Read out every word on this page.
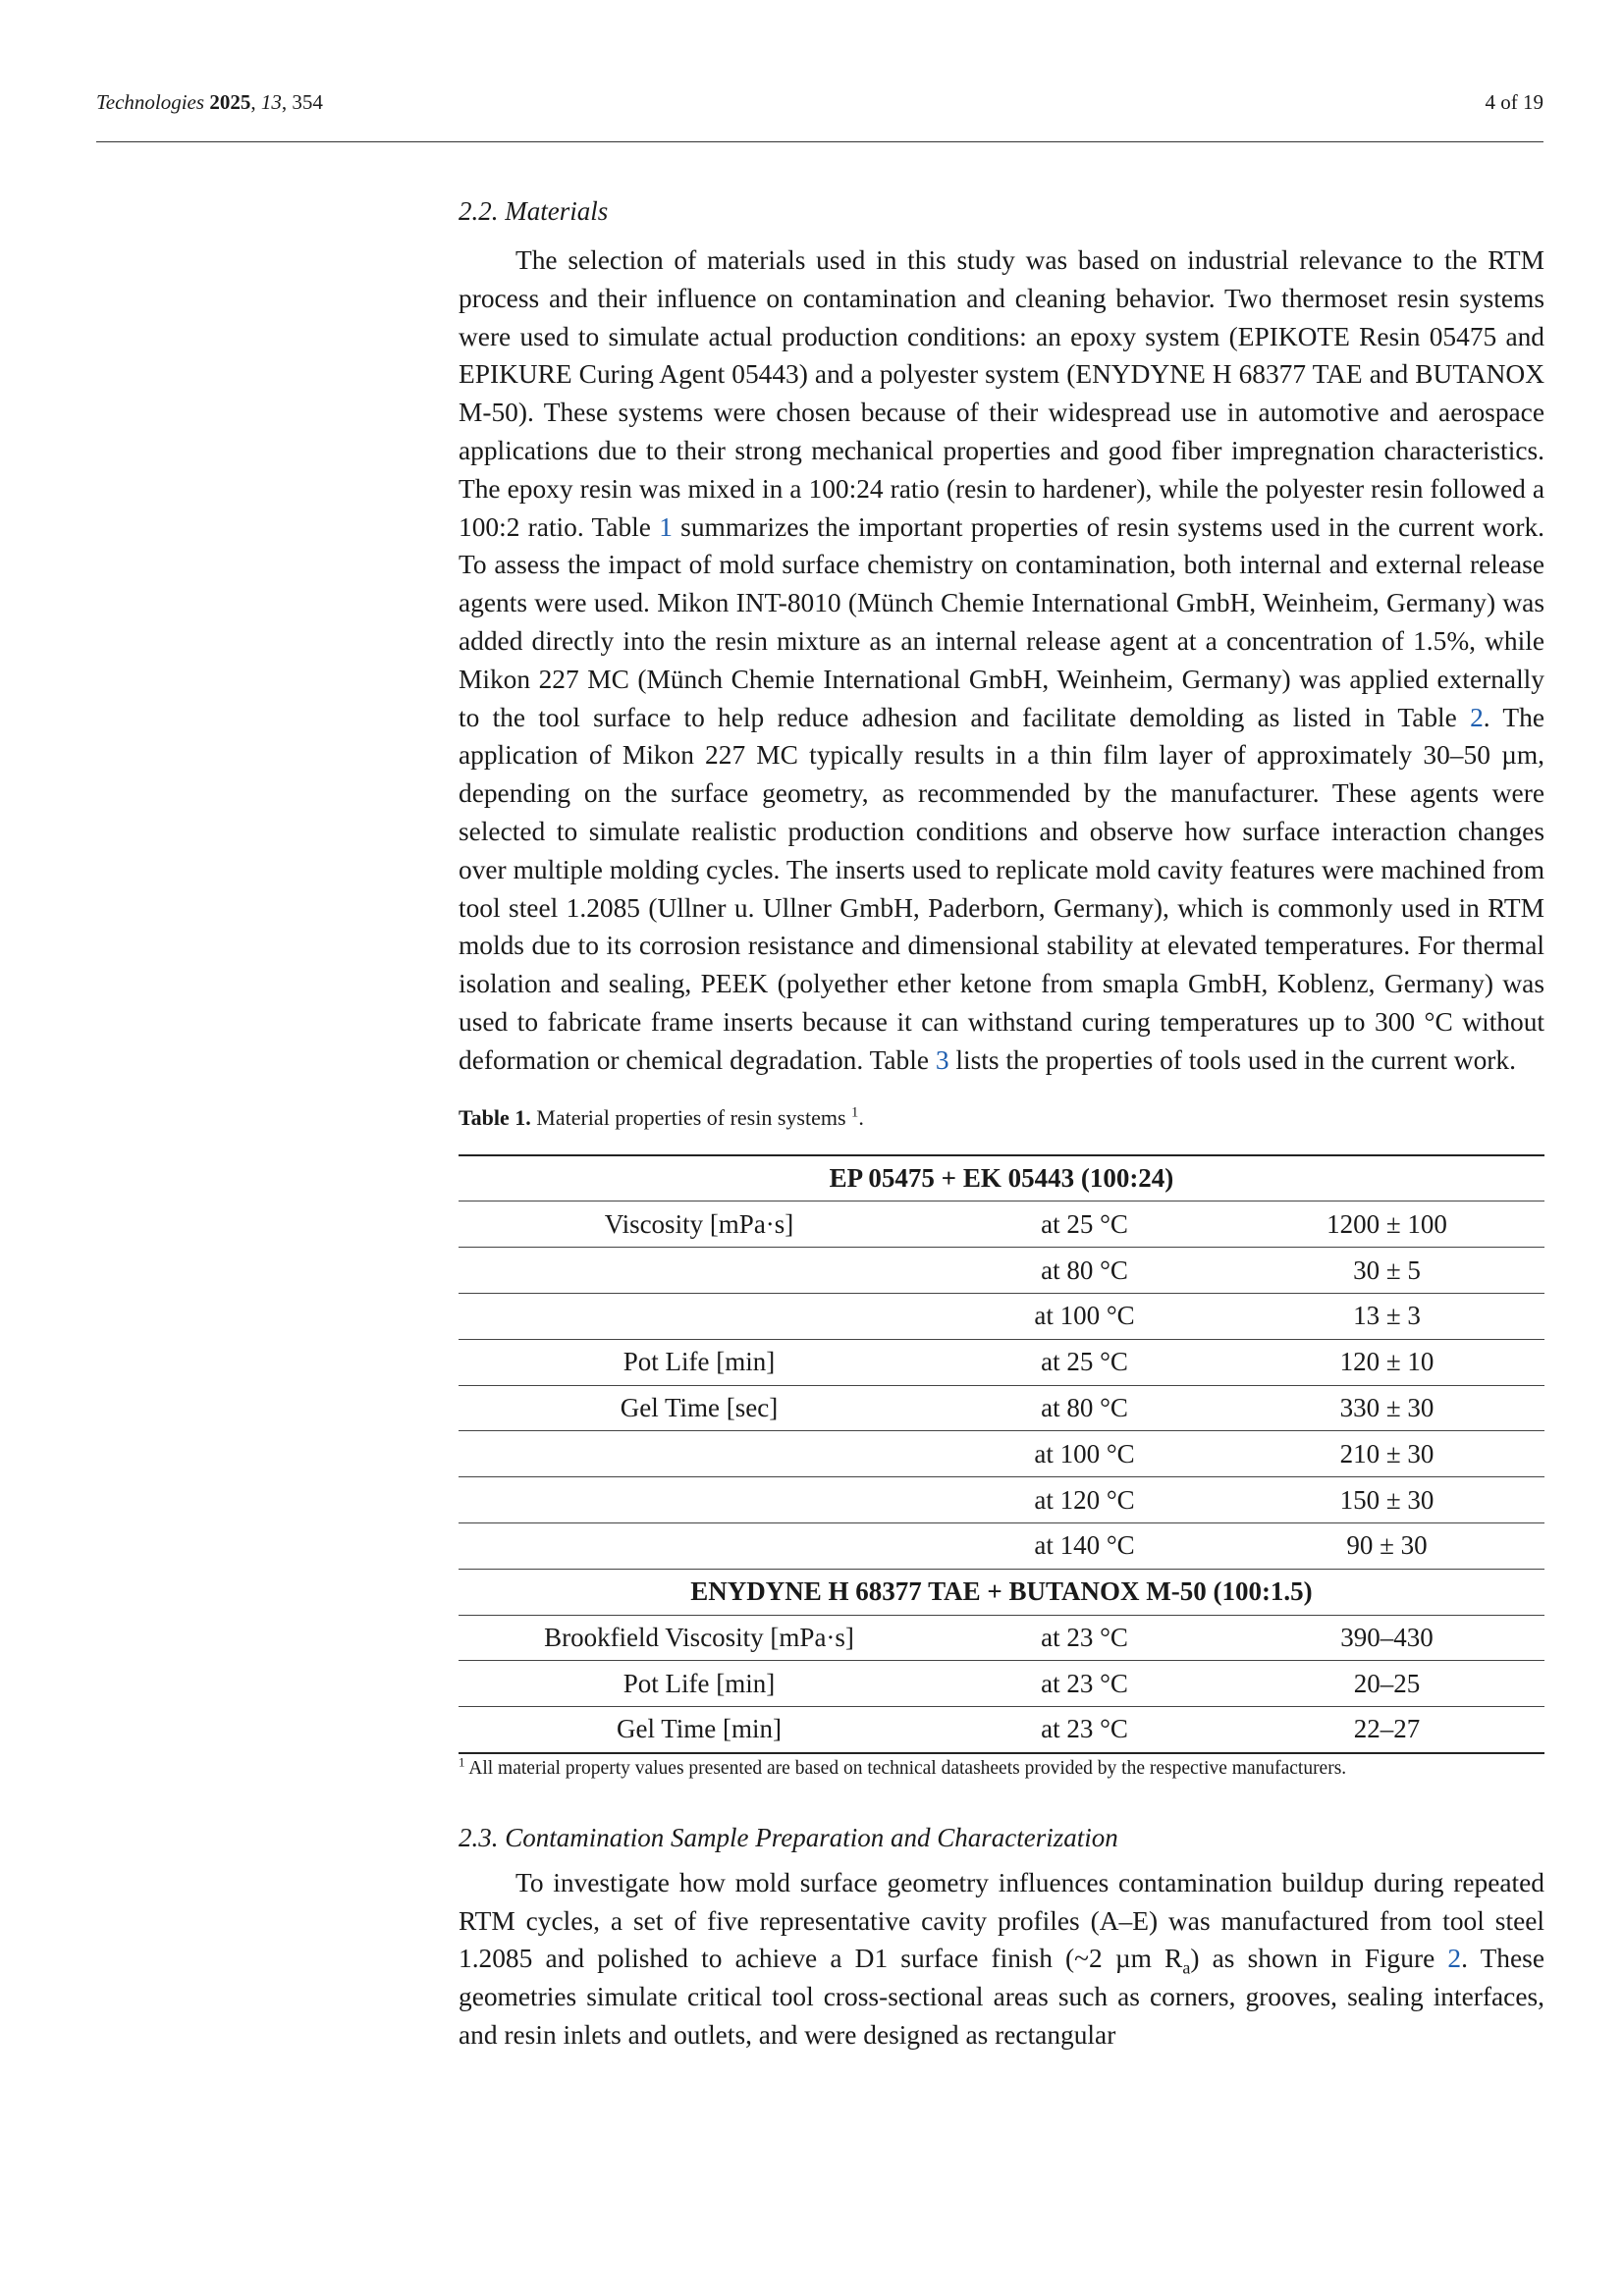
Technologies 2025, 13, 354	4 of 19
2.2. Materials

The selection of materials used in this study was based on industrial relevance to the RTM process and their influence on contamination and cleaning behavior. Two thermoset resin systems were used to simulate actual production conditions: an epoxy system (EPIKOTE Resin 05475 and EPIKURE Curing Agent 05443) and a polyester system (ENYDYNE H 68377 TAE and BUTANOX M-50). These systems were chosen because of their widespread use in automotive and aerospace applications due to their strong mechanical properties and good fiber impregnation characteristics. The epoxy resin was mixed in a 100:24 ratio (resin to hardener), while the polyester resin followed a 100:2 ratio. Table 1 summarizes the important properties of resin systems used in the current work. To assess the impact of mold surface chemistry on contamination, both internal and external release agents were used. Mikon INT-8010 (Münch Chemie International GmbH, Weinheim, Germany) was added directly into the resin mixture as an internal release agent at a concentration of 1.5%, while Mikon 227 MC (Münch Chemie International GmbH, Weinheim, Germany) was applied externally to the tool surface to help reduce adhesion and facilitate demolding as listed in Table 2. The application of Mikon 227 MC typically results in a thin film layer of approximately 30–50 µm, depending on the surface geometry, as recommended by the manufacturer. These agents were selected to simulate realistic production conditions and observe how surface interaction changes over multiple molding cycles. The inserts used to replicate mold cavity features were machined from tool steel 1.2085 (Ullner u. Ullner GmbH, Paderborn, Germany), which is commonly used in RTM molds due to its corrosion resistance and dimensional stability at elevated temperatures. For thermal isolation and sealing, PEEK (polyether ether ketone from smapla GmbH, Koblenz, Germany) was used to fabricate frame inserts because it can withstand curing temperatures up to 300 °C without deformation or chemical degradation. Table 3 lists the properties of tools used in the current work.

Table 1. Material properties of resin systems $^1$.
EP 05475 + EK 05443 (100:24)		
Viscosity [mPa·s]	at 25 °C	1200 ± 100
	at 80 °C	30 ± 5
	at 100 °C	13 ± 3
Pot Life [min]	at 25 °C	120 ± 10
Gel Time [sec]	at 80 °C	330 ± 30
	at 100 °C	210 ± 30
	at 120 °C	150 ± 30
	at 140 °C	90 ± 30
ENYDYNE H 68377 TAE + BUTANOX M-50 (100:1.5)		
Brookfield Viscosity [mPa·s]	at 23 °C	390–430
Pot Life [min]	at 23 °C	20–25
Gel Time [min]	at 23 °C	22–27
$^1$ All material property values presented are based on technical datasheets provided by the respective manufacturers.
2.3. Contamination Sample Preparation and Characterization

To investigate how mold surface geometry influences contamination buildup during repeated RTM cycles, a set of five representative cavity profiles (A–E) was manufactured from tool steel 1.2085 and polished to achieve a D1 surface finish (~2 µm $R_a$) as shown in Figure 2. These geometries simulate critical tool cross-sectional areas such as corners, grooves, sealing interfaces, and resin inlets and outlets, and were designed as rectangular
